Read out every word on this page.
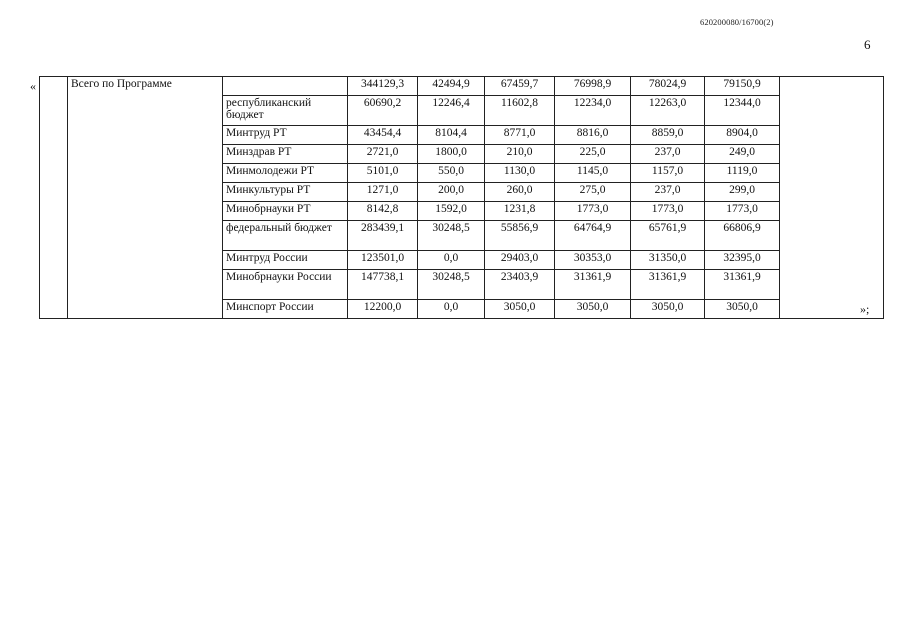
620200080/16700(2)
6
«
»;
	Всего по Программе		344129,3	42494,9	67459,7	76998,9	78024,9	79150,9	
		республиканский бюджет	60690,2	12246,4	11602,8	12234,0	12263,0	12344,0	
		Минтруд РТ	43454,4	8104,4	8771,0	8816,0	8859,0	8904,0	
		Минздрав РТ	2721,0	1800,0	210,0	225,0	237,0	249,0	
		Минмолодежи РТ	5101,0	550,0	1130,0	1145,0	1157,0	1119,0	
		Минкультуры РТ	1271,0	200,0	260,0	275,0	237,0	299,0	
		Минобрнауки РТ	8142,8	1592,0	1231,8	1773,0	1773,0	1773,0	
		федеральный бюджет	283439,1	30248,5	55856,9	64764,9	65761,9	66806,9	
		Минтруд России	123501,0	0,0	29403,0	30353,0	31350,0	32395,0	
		Минобрнауки России	147738,1	30248,5	23403,9	31361,9	31361,9	31361,9	
		Минспорт России	12200,0	0,0	3050,0	3050,0	3050,0	3050,0	
